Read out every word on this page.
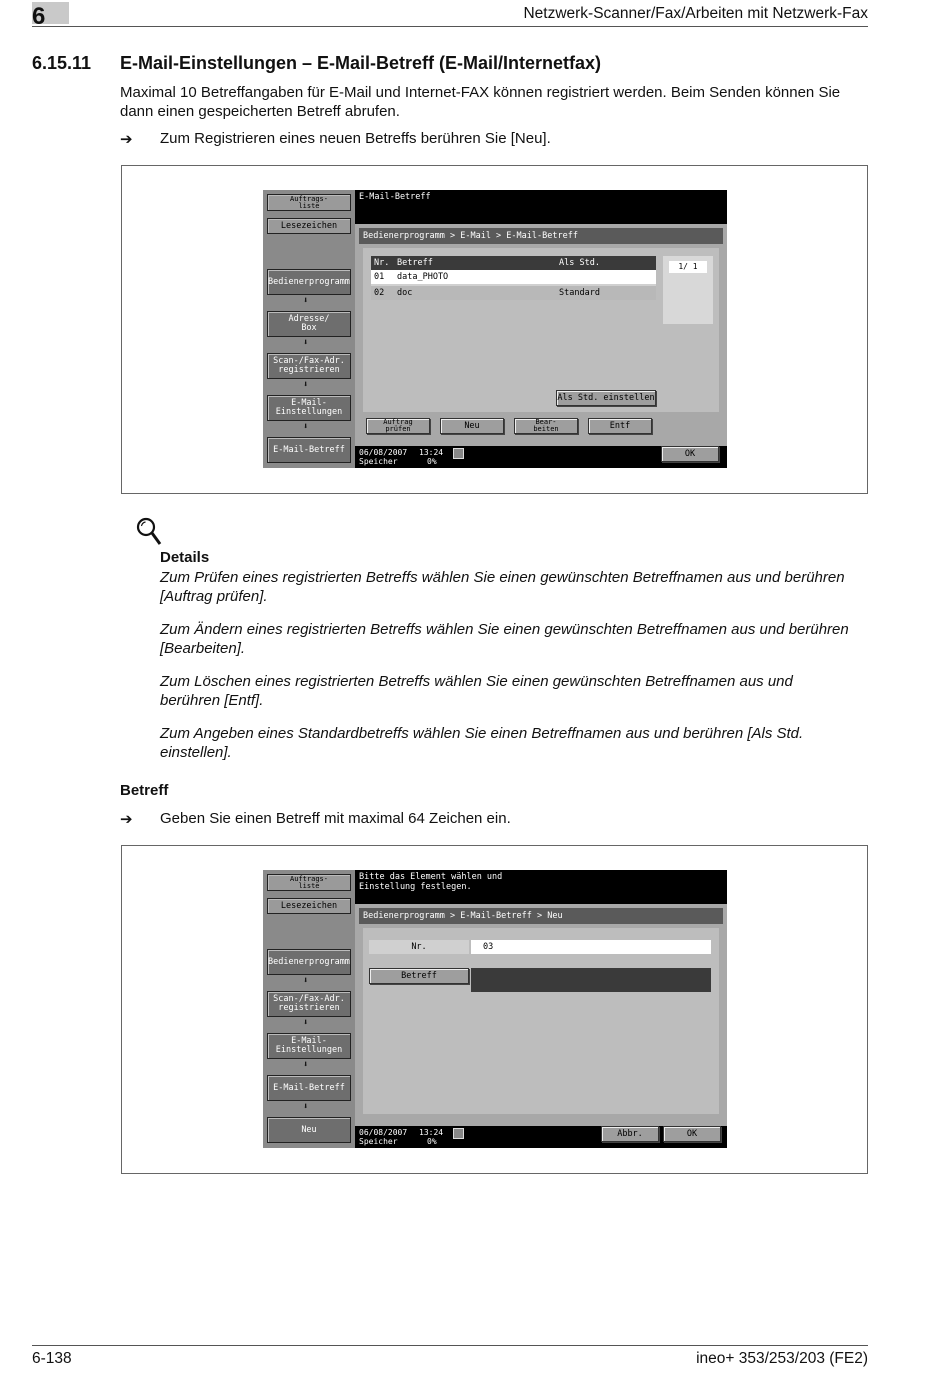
6	Netzwerk-Scanner/Fax/Arbeiten mit Netzwerk-Fax
6.15.11 E-Mail-Einstellungen – E-Mail-Betreff (E-Mail/Internetfax)
Maximal 10 Betreffangaben für E-Mail und Internet-FAX können registriert werden. Beim Senden können Sie
dann einen gespeicherten Betreff abrufen.
➔ Zum Registrieren eines neuen Betreffs berühren Sie [Neu].
Auftrags-
liste
Lesezeichen
Bedienerprogramm
⬇
Adresse/
Box
⬇
Scan-/Fax-Adr.
registrieren
⬇
E-Mail-
Einstellungen
⬇
E-Mail-Betreff
E-Mail-Betreff
Bedienerprogramm > E-Mail > E-Mail-Betreff
Nr. Betreff	Als Std.
01 data_PHOTO
02 doc	Standard
1/ 1
Als Std. einstellen
Auftrag
prüfen	Neu	Bear-
beiten	Entf
06/08/2007 13:24
Speicher	0%
OK
Details
Zum Prüfen eines registrierten Betreffs wählen Sie einen gewünschten Betreffnamen aus und berühren
[Auftrag prüfen].
Zum Ändern eines registrierten Betreffs wählen Sie einen gewünschten Betreffnamen aus und berühren
[Bearbeiten].
Zum Löschen eines registrierten Betreffs wählen Sie einen gewünschten Betreffnamen aus und
berühren [Entf].
Zum Angeben eines Standardbetreffs wählen Sie einen Betreffnamen aus und berühren [Als Std.
einstellen].
Betreff
➔ Geben Sie einen Betreff mit maximal 64 Zeichen ein.
Auftrags-
liste
Lesezeichen
Bedienerprogramm
⬇
Scan-/Fax-Adr.
registrieren
⬇
E-Mail-
Einstellungen
⬇
E-Mail-Betreff
⬇
Neu
Bitte das Element wählen und
Einstellung festlegen.
Bedienerprogramm > E-Mail-Betreff > Neu
Nr.	03
Betreff
06/08/2007 13:24
Speicher	0%
Abbr.	OK
6-138	ineo+ 353/253/203 (FE2)
